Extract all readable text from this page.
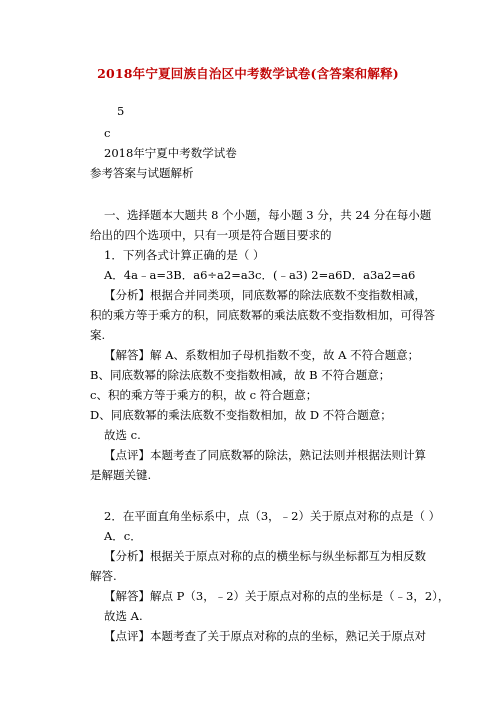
2018年宁夏回族自治区中考数学试卷(含答案和解释)
5
c
2018年宁夏中考数学试卷
参考答案与试题解析
一、选择题本大题共 8 个小题，每小题 3 分，共 24 分在每小题
给出的四个选项中，只有一项是符合题目要求的
1．下列各式计算正确的是（ ）
A．4a﹣a=3B．a6÷a2=a3c．(﹣a3) 2=a6D．a3a2=a6
【分析】根据合并同类项，同底数幂的除法底数不变指数相减，
积的乘方等于乘方的积，同底数幂的乘法底数不变指数相加，可得答
案.
【解答】解 A、系数相加子母机指数不变，故 A 不符合题意；
B、同底数幂的除法底数不变指数相减，故 B 不符合题意；
c、积的乘方等于乘方的积，故 c 符合题意；
D、同底数幂的乘法底数不变指数相加，故 D 不符合题意；
故选 c.
【点评】本题考查了同底数幂的除法，熟记法则并根据法则计算
是解题关键.
2．在平面直角坐标系中，点（3，﹣2）关于原点对称的点是（ ）
A．c．
【分析】根据关于原点对称的点的横坐标与纵坐标都互为相反数
解答.
【解答】解点 P（3，﹣2）关于原点对称的点的坐标是（﹣3，2），
故选 A.
【点评】本题考查了关于原点对称的点的坐标，熟记关于原点对
